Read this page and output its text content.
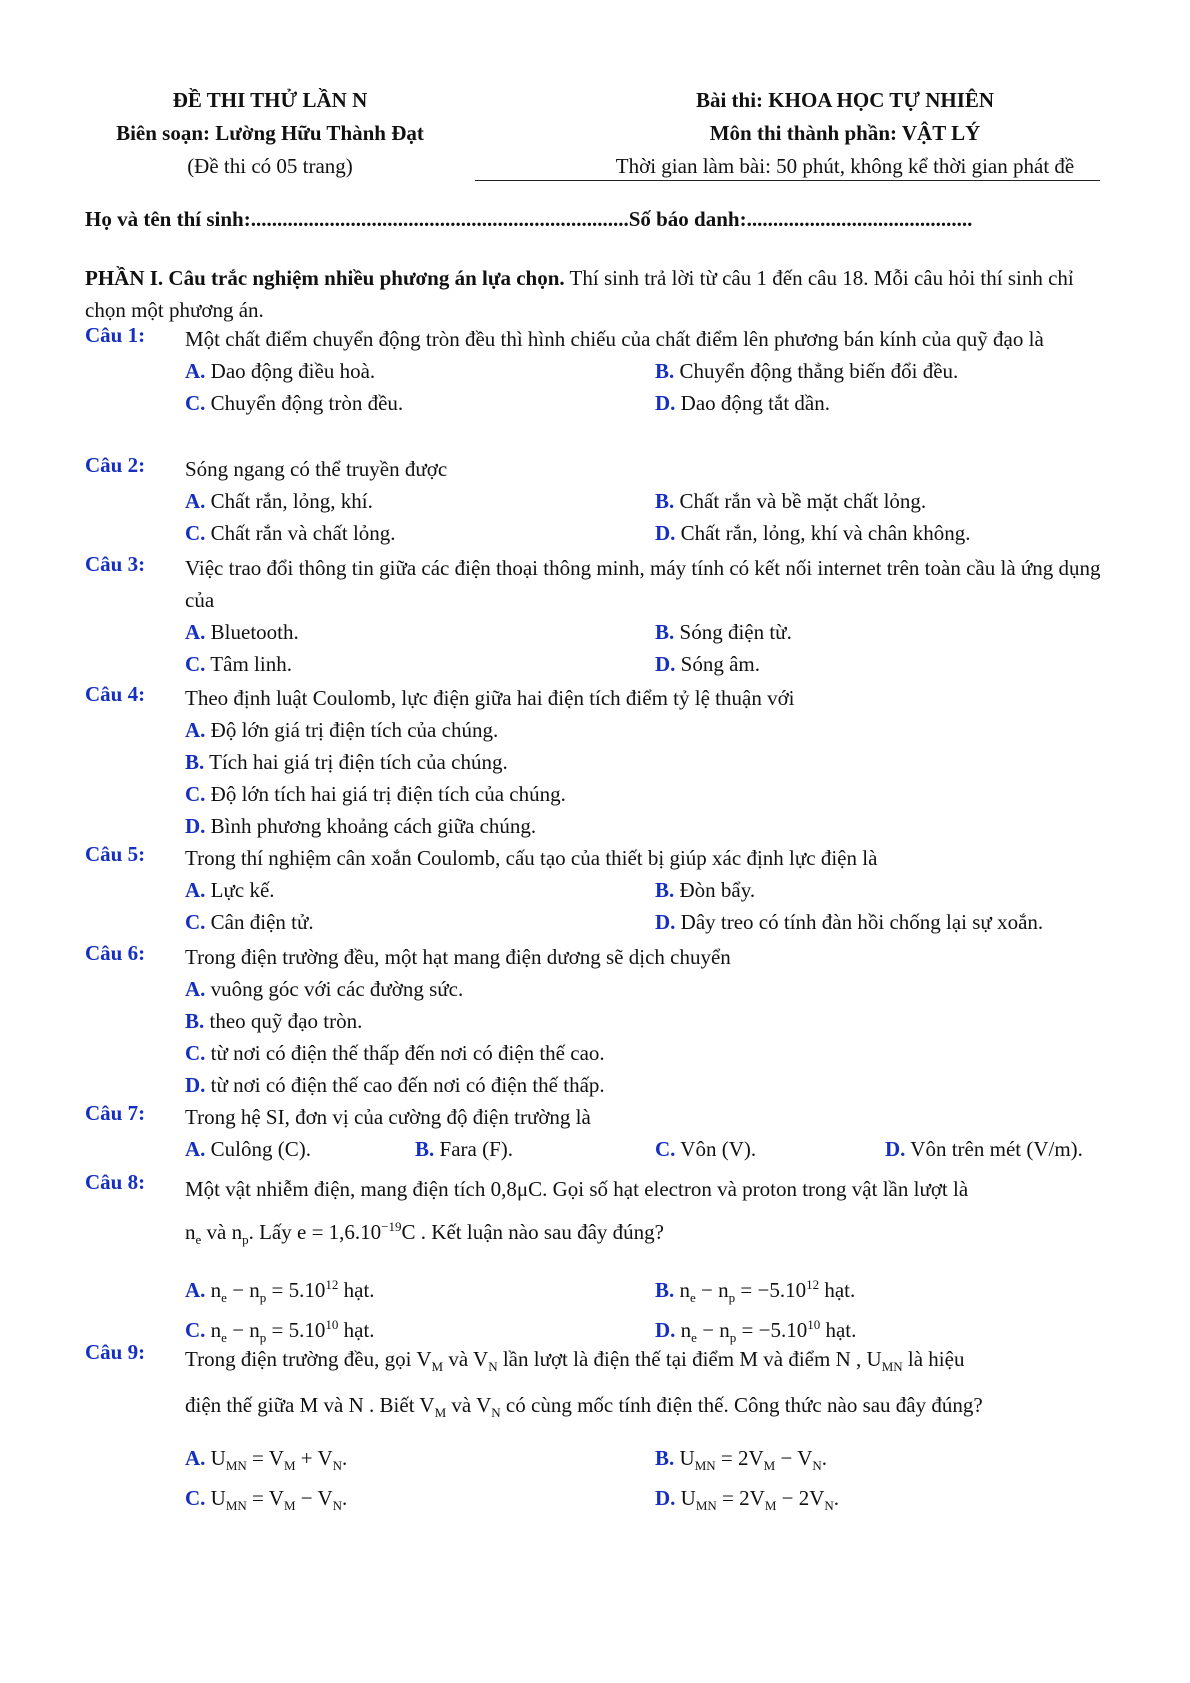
ĐỀ THI THỬ LẦN N
Biên soạn: Lường Hữu Thành Đạt
(Đề thi có 05 trang)
Bài thi: KHOA HỌC TỰ NHIÊN
Môn thi thành phần: VẬT LÝ
Thời gian làm bài: 50 phút, không kể thời gian phát đề
Họ và tên thí sinh:........................................................................Số báo danh:...........................................
PHẦN I. Câu trắc nghiệm nhiều phương án lựa chọn. Thí sinh trả lời từ câu 1 đến câu 18. Mỗi câu hỏi thí sinh chỉ chọn một phương án.
Câu 1: Một chất điểm chuyển động tròn đều thì hình chiếu của chất điểm lên phương bán kính của quỹ đạo là
A. Dao động điều hoà.	B. Chuyển động thẳng biến đổi đều.
C. Chuyển động tròn đều.	D. Dao động tắt dần.
Câu 2: Sóng ngang có thể truyền được
A. Chất rắn, lỏng, khí.	B. Chất rắn và bề mặt chất lỏng.
C. Chất rắn và chất lỏng.	D. Chất rắn, lỏng, khí và chân không.
Câu 3: Việc trao đổi thông tin giữa các điện thoại thông minh, máy tính có kết nối internet trên toàn cầu là ứng dụng của
A. Bluetooth.	B. Sóng điện từ.
C. Tâm linh.	D. Sóng âm.
Câu 4: Theo định luật Coulomb, lực điện giữa hai điện tích điểm tỷ lệ thuận với
A. Độ lớn giá trị điện tích của chúng.
B. Tích hai giá trị điện tích của chúng.
C. Độ lớn tích hai giá trị điện tích của chúng.
D. Bình phương khoảng cách giữa chúng.
Câu 5: Trong thí nghiệm cân xoắn Coulomb, cấu tạo của thiết bị giúp xác định lực điện là
A. Lực kế.	B. Đòn bẩy.
C. Cân điện tử.	D. Dây treo có tính đàn hồi chống lại sự xoắn.
Câu 6: Trong điện trường đều, một hạt mang điện dương sẽ dịch chuyển
A. vuông góc với các đường sức.
B. theo quỹ đạo tròn.
C. từ nơi có điện thế thấp đến nơi có điện thế cao.
D. từ nơi có điện thế cao đến nơi có điện thế thấp.
Câu 7: Trong hệ SI, đơn vị của cường độ điện trường là
A. Culông (C).	B. Fara (F).	C. Vôn (V).	D. Vôn trên mét (V/m).
Câu 8: Một vật nhiễm điện, mang điện tích 0,8μC. Gọi số hạt electron và proton trong vật lần lượt là
$n_e$ và $n_p$. Lấy $e = 1,6.10^{-19}C$ . Kết luận nào sau đây đúng?
A. $n_e - n_p = 5.10^{12}$ hạt.	B. $n_e - n_p = -5.10^{12}$ hạt.
C. $n_e - n_p = 5.10^{10}$ hạt.	D. $n_e - n_p = -5.10^{10}$ hạt.
Câu 9: Trong điện trường đều, gọi $V_M$ và $V_N$ lần lượt là điện thế tại điểm M và điểm N , $U_{MN}$ là hiệu
điện thế giữa M và N . Biết $V_M$ và $V_N$ có cùng mốc tính điện thế. Công thức nào sau đây đúng?
A. $U_{MN} = V_M + V_N$.	B. $U_{MN} = 2V_M - V_N$.
C. $U_{MN} = V_M - V_N$.	D. $U_{MN} = 2V_M - 2V_N$.
